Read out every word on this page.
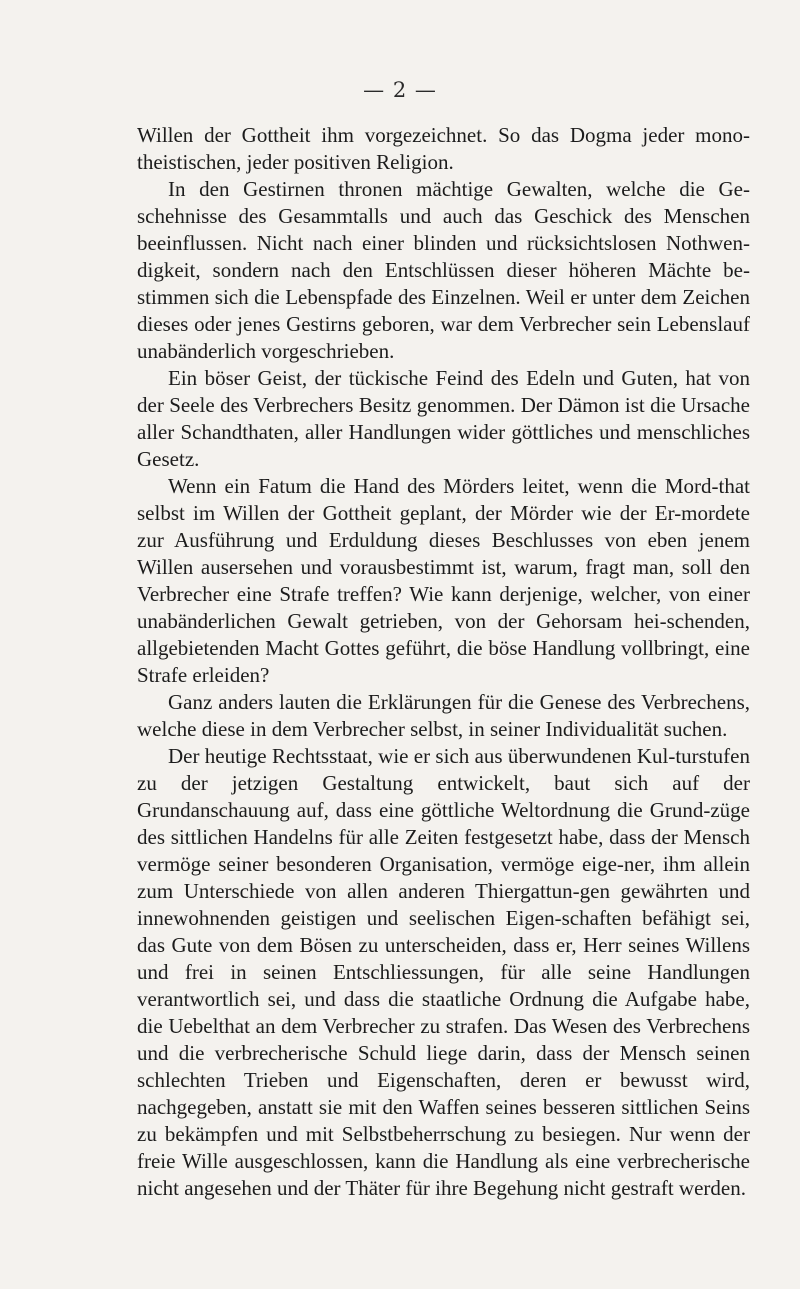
— 2 —

Willen der Gottheit ihm vorgezeichnet. So das Dogma jeder mono-theistischen, jeder positiven Religion.

In den Gestirnen thronen mächtige Gewalten, welche die Ge-schehnisse des Gesammtalls und auch das Geschick des Menschen beeinflussen. Nicht nach einer blinden und rücksichtslosen Nothwen-digkeit, sondern nach den Entschlüssen dieser höheren Mächte be-stimmen sich die Lebenspfade des Einzelnen. Weil er unter dem Zeichen dieses oder jenes Gestirns geboren, war dem Verbrecher sein Lebenslauf unabänderlich vorgeschrieben.

Ein böser Geist, der tückische Feind des Edeln und Guten, hat von der Seele des Verbrechers Besitz genommen. Der Dämon ist die Ursache aller Schandthaten, aller Handlungen wider göttliches und menschliches Gesetz.

Wenn ein Fatum die Hand des Mörders leitet, wenn die Mord-that selbst im Willen der Gottheit geplant, der Mörder wie der Er-mordete zur Ausführung und Erduldung dieses Beschlusses von eben jenem Willen ausersehen und vorausbestimmt ist, warum, fragt man, soll den Verbrecher eine Strafe treffen? Wie kann derjenige, welcher, von einer unabänderlichen Gewalt getrieben, von der Gehorsam hei-schenden, allgebietenden Macht Gottes geführt, die böse Handlung vollbringt, eine Strafe erleiden?

Ganz anders lauten die Erklärungen für die Genese des Verbrechens, welche diese in dem Verbrecher selbst, in seiner Individualität suchen.

Der heutige Rechtsstaat, wie er sich aus überwundenen Kul-turstufen zu der jetzigen Gestaltung entwickelt, baut sich auf der Grundanschauung auf, dass eine göttliche Weltordnung die Grund-züge des sittlichen Handelns für alle Zeiten festgesetzt habe, dass der Mensch vermöge seiner besonderen Organisation, vermöge eige-ner, ihm allein zum Unterschiede von allen anderen Thiergattun-gen gewährten und innewohnenden geistigen und seelischen Eigen-schaften befähigt sei, das Gute von dem Bösen zu unterscheiden, dass er, Herr seines Willens und frei in seinen Entschliessungen, für alle seine Handlungen verantwortlich sei, und dass die staatliche Ordnung die Aufgabe habe, die Uebelthat an dem Verbrecher zu strafen. Das Wesen des Verbrechens und die verbrecherische Schuld liege darin, dass der Mensch seinen schlechten Trieben und Eigenschaften, deren er bewusst wird, nachgegeben, anstatt sie mit den Waffen seines besseren sittlichen Seins zu bekämpfen und mit Selbstbeherrschung zu besiegen. Nur wenn der freie Wille ausgeschlossen, kann die Handlung als eine verbrecherische nicht angesehen und der Thäter für ihre Begehung nicht gestraft werden.
